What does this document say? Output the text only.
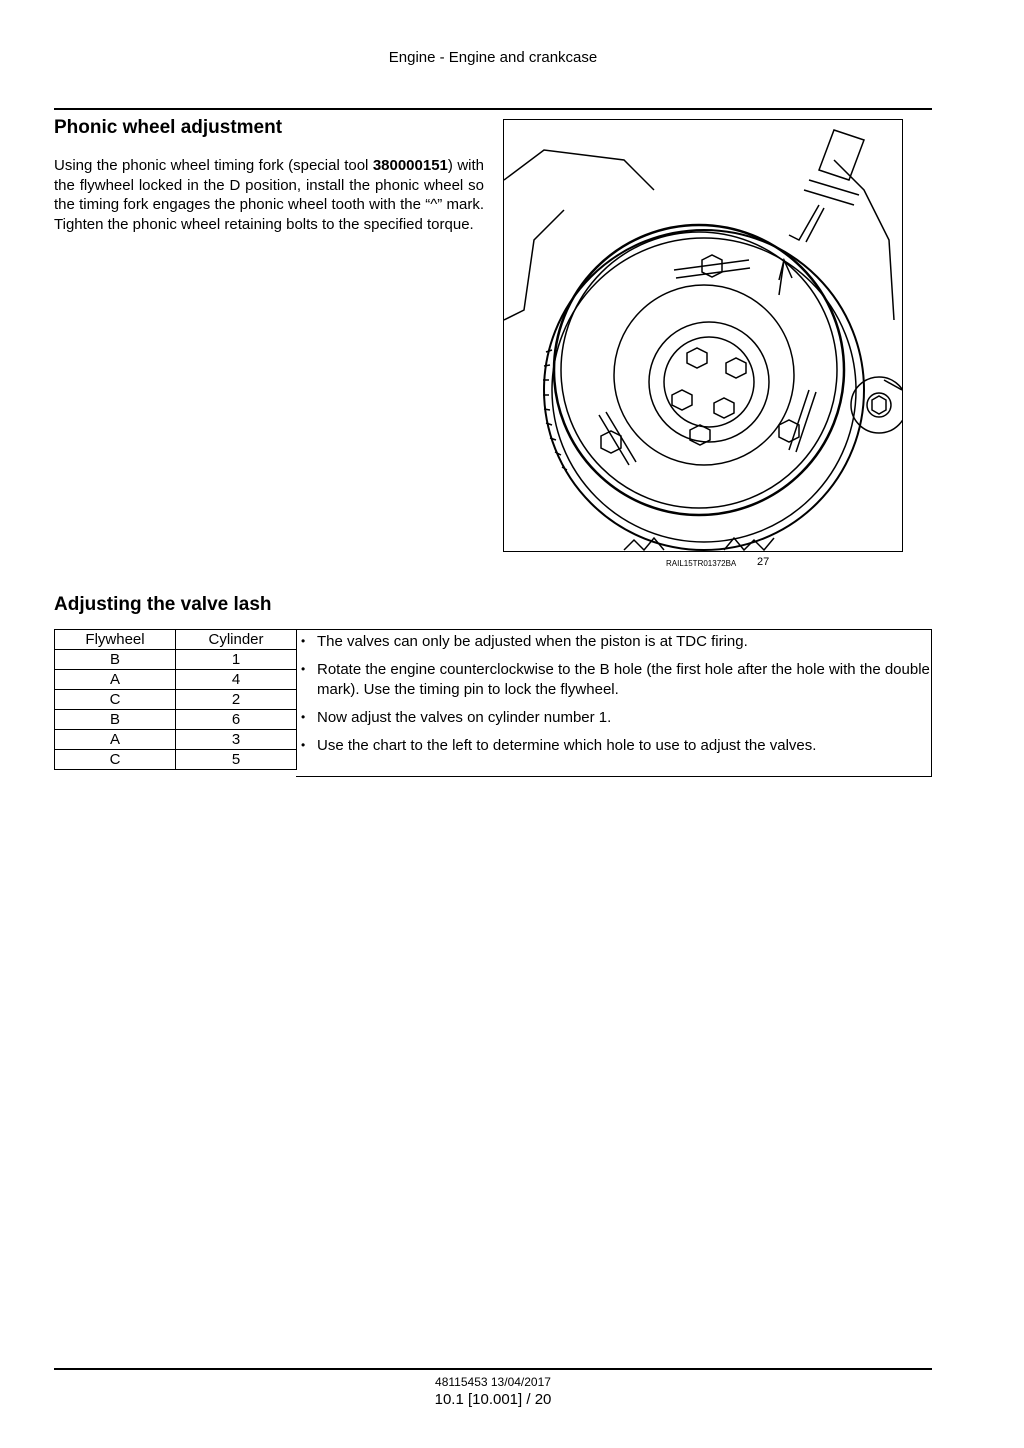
Engine - Engine and crankcase
Phonic wheel adjustment
Using the phonic wheel timing fork (special tool 380000151) with the flywheel locked in the D position, install the phonic wheel so the timing fork engages the phonic wheel tooth with the “^” mark. Tighten the phonic wheel retaining bolts to the specified torque.
RAIL15TR01372BA 27
Adjusting the valve lash
Flywheel	Cylinder
B	1
A	4
C	2
B	6
A	3
C	5
• The valves can only be adjusted when the piston is at TDC firing.
• Rotate the engine counterclockwise to the B hole (the first hole after the hole with the double mark). Use the timing pin to lock the flywheel.
• Now adjust the valves on cylinder number 1.
• Use the chart to the left to determine which hole to use to adjust the valves.
48115453 13/04/2017
10.1 [10.001] / 20
